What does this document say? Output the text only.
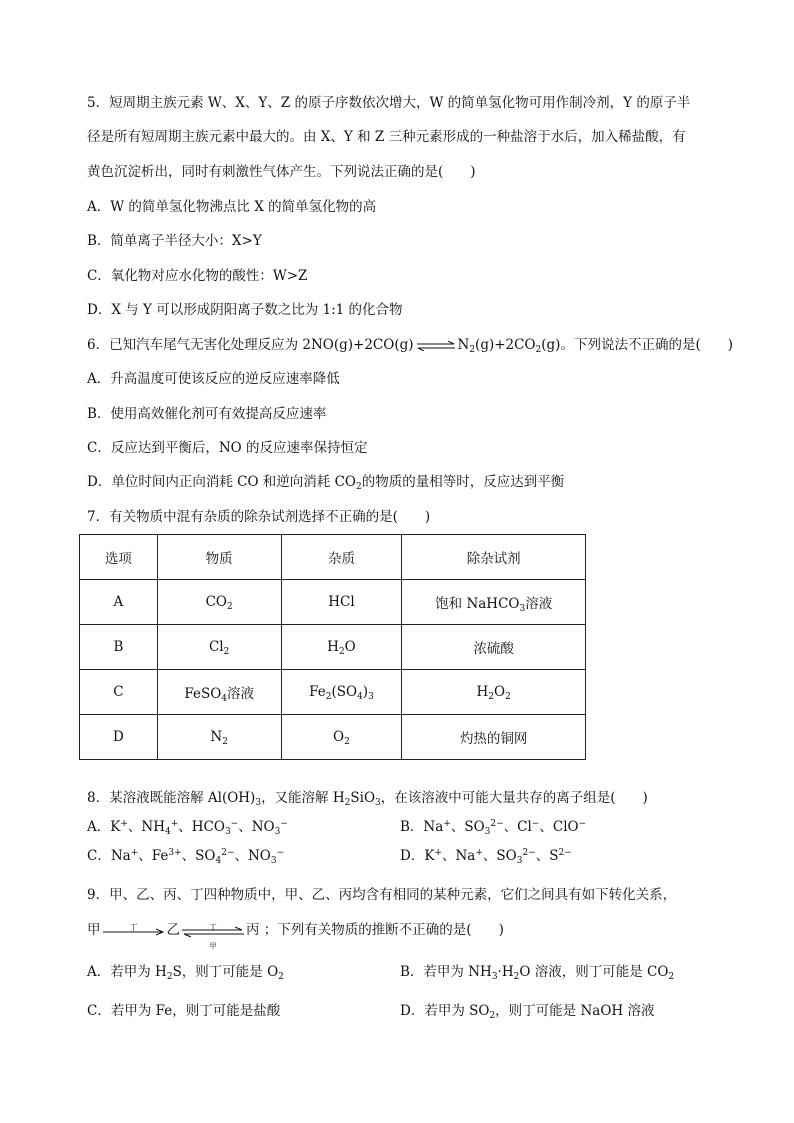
5．短周期主族元素 W、X、Y、Z 的原子序数依次增大，W 的简单氢化物可用作制冷剂，Y 的原子半
径是所有短周期主族元素中最大的。由 X、Y 和 Z 三种元素形成的一种盐溶于水后，加入稀盐酸，有
黄色沉淀析出，同时有刺激性气体产生。下列说法正确的是(　　)
A．W 的简单氢化物沸点比 X 的简单氢化物的高
B．简单离子半径大小：X>Y
C．氧化物对应水化物的酸性：W>Z
D．X 与 Y 可以形成阴阳离子数之比为 1:1 的化合物
6．已知汽车尾气无害化处理反应为 2NO(g)+2CO(g) ⇌ $N_2(g)+2CO_2(g)$。下列说法不正确的是(　　)
A．升高温度可使该反应的逆反应速率降低
B．使用高效催化剂可有效提高反应速率
C．反应达到平衡后，NO 的反应速率保持恒定
D．单位时间内正向消耗 CO 和逆向消耗 $CO_2$的物质的量相等时，反应达到平衡
7．有关物质中混有杂质的除杂试剂选择不正确的是(　　)
选项	物质	杂质	除杂试剂
A	$CO_2$	HCl	饱和 NaHCO$_3$溶液
B	$Cl_2$	$H_2O$	浓硫酸
C	FeSO$_4$溶液	$Fe_2(SO_4)_3$	$H_2O_2$
D	$N_2$	$O_2$	灼热的铜网
8．某溶液既能溶解 $Al(OH)_3$，又能溶解 $H_2SiO_3$，在该溶液中可能大量共存的离子组是(　　)
A．K+、$NH_4^+$、$HCO_3^-$、$NO_3^-$	B．Na+、$SO_3^{2-}$、Cl−、ClO−
C．Na+、$Fe^{3+}$、$SO_4^{2-}$、$NO_3^-$	D．K+、Na+、$SO_3^{2-}$、$S^{2-}$
9．甲、乙、丙、丁四种物质中，甲、乙、丙均含有相同的某种元素，它们之间具有如下转化关系，
甲	丁	乙	丁
甲
丙 ；下列有关物质的推断不正确的是(　　)
A．若甲为 $H_2S$，则丁可能是 $O_2$	B．若甲为 $NH_3\cdot H_2O$ 溶液，则丁可能是 $CO_2$
C．若甲为 Fe，则丁可能是盐酸	D．若甲为 $SO_2$，则丁可能是 NaOH 溶液
